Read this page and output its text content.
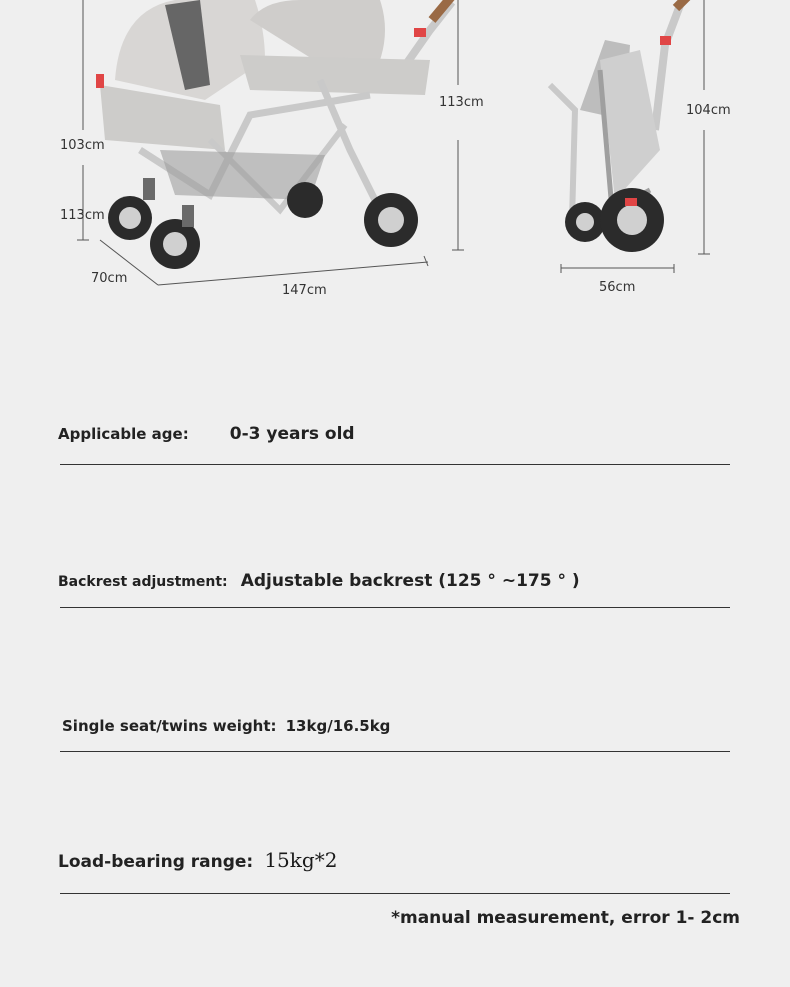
103cm
113cm
113cm
70cm
147cm
104cm
56cm
Applicable age: 0-3 years old
Backrest adjustment: Adjustable backrest (125 ° ~175 ° )
Single seat/twins weight: 13kg/16.5kg
Load-bearing range: 15kg*2
*manual measurement, error 1- 2cm
